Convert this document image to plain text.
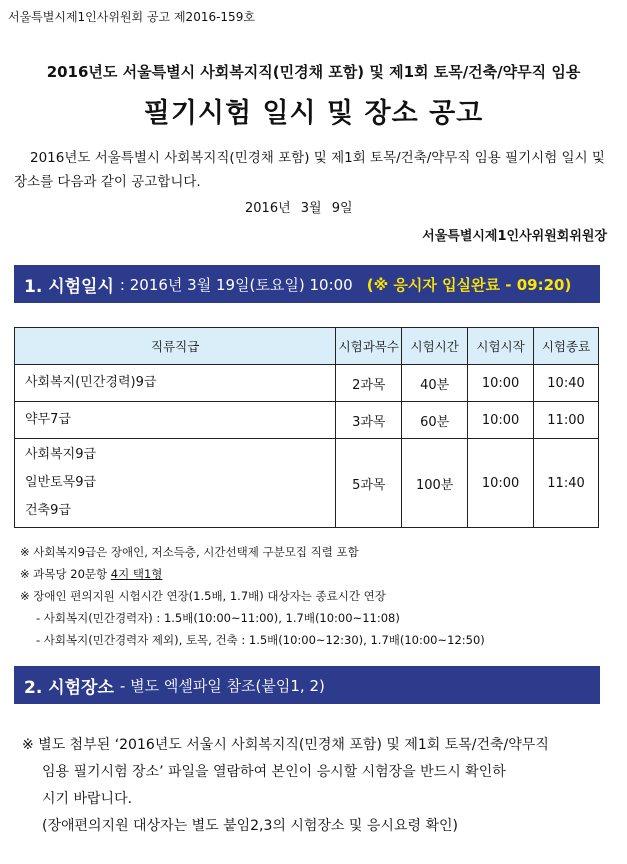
서울특별시제1인사위원회 공고 제2016-159호
2016년도 서울특별시 사회복지직(민경채 포함) 및 제1회 토목/건축/약무직 임용
필기시험 일시 및 장소 공고
2016년도 서울특별시 사회복지직(민경채 포함) 및 제1회 토목/건축/약무직 임용 필기시험 일시 및 장소를 다음과 같이 공고합니다.
2016년 3월 9일
서울특별시제1인사위원회위원장
1. 시험일시 : 2016년 3월 19일(토요일) 10:00 (※ 응시자 입실완료 - 09:20)
직류직급	시험과목수	시험시간	시험시작	시험종료

사회복지(민간경력)9급	2과목	40분	10:00	10:40

약무7급	3과목	60분	10:00	11:00

사회복지9급
일반토목9급
건축9급	5과목	100분	10:00	11:40
※ 사회복지9급은 장애인, 저소득층, 시간선택제 구분모집 직렬 포함
※ 과목당 20문항 4지 택1형
※ 장애인 편의지원 시험시간 연장(1.5배, 1.7배) 대상자는 종료시간 연장
- 사회복지(민간경력자) : 1.5배(10:00~11:00), 1.7배(10:00~11:08)
- 사회복지(민간경력자 제외), 토목, 건축 : 1.5배(10:00~12:30), 1.7배(10:00~12:50)
2. 시험장소 - 별도 엑셀파일 참조(붙임1, 2)
※ 별도 첨부된 ‘2016년도 서울시 사회복지직(민경채 포함) 및 제1회 토목/건축/약무직
임용 필기시험 장소’ 파일을 열람하여 본인이 응시할 시험장을 반드시 확인하
시기 바랍니다.
(장애편의지원 대상자는 별도 붙임2,3의 시험장소 및 응시요령 확인)
